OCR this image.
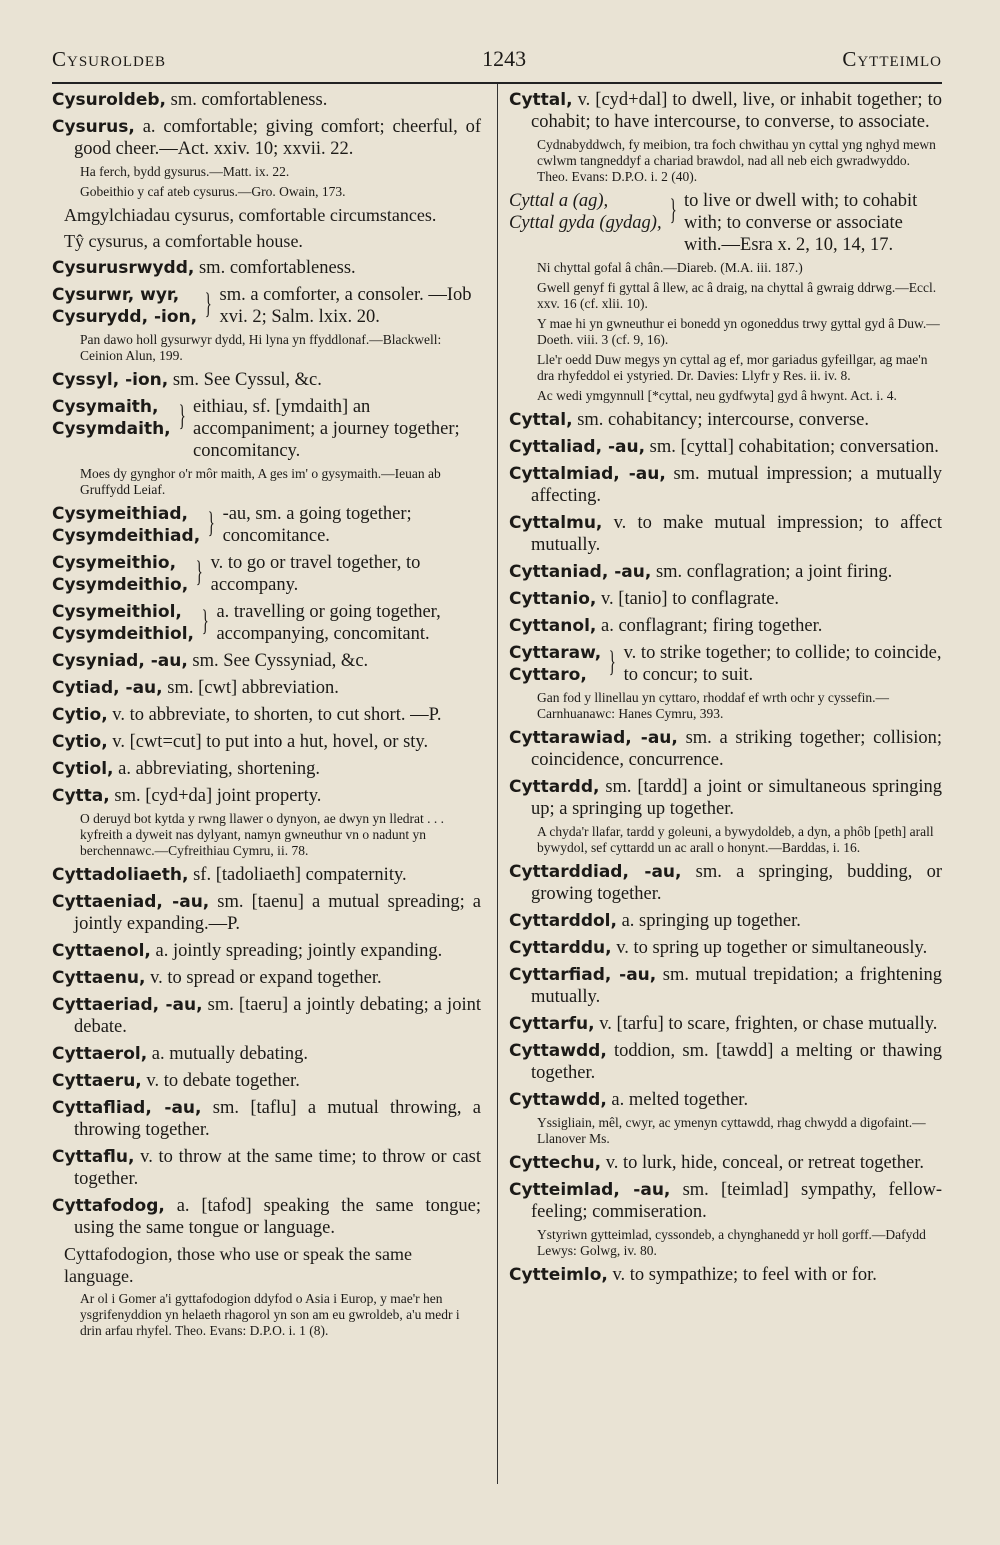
Cysuroldeb	1243	Cytteimlo
Cysuroldeb, sm. comfortableness.
Cysurus, a. comfortable; giving comfort; cheerful, of good cheer.—Act. xxiv. 10; xxvii. 22.
Ha ferch, bydd gysurus.—Matt. ix. 22.
Gobeithio y caf ateb cysurus.—Gro. Owain, 173.
Amgylchiadau cysurus, comfortable circumstances.
Tŷ cysurus, a comfortable house.
Cysurusrwydd, sm. comfortableness.
Cysurwr, wyr,
Cysurydd, -ion, } sm. a comforter, a consoler. —Iob xvi. 2; Salm. lxix. 20.
Pan dawo holl gysurwyr dydd, Hi lyna yn ffyddlonaf.—Blackwell: Ceinion Alun, 199.
Cyssyl, -ion, sm. See Cyssul, &c.
Cysymaith,
Cysymdaith, } eithiau, sf. [ymdaith] an accompaniment; a journey together; concomitancy.
Moes dy gynghor o'r môr maith, A ges im' o gysymaith.—Ieuan ab Gruffydd Leiaf.
Cysymeithiad,
Cysymdeithiad, } -au, sm. a going together; concomitance.
Cysymeithio,
Cysymdeithio, } v. to go or travel together, to accompany.
Cysymeithiol,
Cysymdeithiol, } a. travelling or going together, accompanying, concomitant.
Cysyniad, -au, sm. See Cyssyniad, &c.
Cytiad, -au, sm. [cwt] abbreviation.
Cytio, v. to abbreviate, to shorten, to cut short. —P.
Cytio, v. [cwt=cut] to put into a hut, hovel, or sty.
Cytiol, a. abbreviating, shortening.
Cytta, sm. [cyd+da] joint property.
O deruyd bot kytda y rwng llawer o dynyon, ae dwyn yn lledrat . . . kyfreith a dyweit nas dylyant, namyn gwneuthur vn o nadunt yn berchennawc.—Cyfreithiau Cymru, ii. 78.
Cyttadoliaeth, sf. [tadoliaeth] compaternity.
Cyttaeniad, -au, sm. [taenu] a mutual spreading; a jointly expanding.—P.
Cyttaenol, a. jointly spreading; jointly expanding.
Cyttaenu, v. to spread or expand together.
Cyttaeriad, -au, sm. [taeru] a jointly debating; a joint debate.
Cyttaerol, a. mutually debating.
Cyttaeru, v. to debate together.
Cyttafliad, -au, sm. [taflu] a mutual throwing, a throwing together.
Cyttaflu, v. to throw at the same time; to throw or cast together.
Cyttafodog, a. [tafod] speaking the same tongue; using the same tongue or language.
Cyttafodogion, those who use or speak the same language.
Ar ol i Gomer a'i gyttafodogion ddyfod o Asia i Europ, y mae'r hen ysgrifenyddion yn helaeth rhagorol yn son am eu gwroldeb, a'u medr i drin arfau rhyfel. Theo. Evans: D.P.O. i. 1 (8).
Cyttal, v. [cyd+dal] to dwell, live, or inhabit together; to cohabit; to have intercourse, to converse, to associate.
Cydnabyddwch, fy meibion, tra foch chwithau yn cyttal yng nghyd mewn cwlwm tangneddyf a chariad brawdol, nad all neb eich gwradwyddo. Theo. Evans: D.P.O. i. 2 (40).
Cyttal a (ag),
Cyttal gyda (gydag), } to live or dwell with; to cohabit with; to converse or associate with.—Esra x. 2, 10, 14, 17.
Ni chyttal gofal â chân.—Diareb. (M.A. iii. 187.)
Gwell genyf fi gyttal â llew, ac â draig, na chyttal â gwraig ddrwg.—Eccl. xxv. 16 (cf. xlii. 10).
Y mae hi yn gwneuthur ei bonedd yn ogoneddus trwy gyttal gyd â Duw.—Doeth. viii. 3 (cf. 9, 16).
Lle'r oedd Duw megys yn cyttal ag ef, mor gariadus gyfeillgar, ag mae'n dra rhyfeddol ei ystyried. Dr. Davies: Llyfr y Res. ii. iv. 8.
Ac wedi ymgynnull [*cyttal, neu gydfwyta] gyd â hwynt. Act. i. 4.
Cyttal, sm. cohabitancy; intercourse, converse.
Cyttaliad, -au, sm. [cyttal] cohabitation; conversation.
Cyttalmiad, -au, sm. mutual impression; a mutually affecting.
Cyttalmu, v. to make mutual impression; to affect mutually.
Cyttaniad, -au, sm. conflagration; a joint firing.
Cyttanio, v. [tanio] to conflagrate.
Cyttanol, a. conflagrant; firing together.
Cyttaraw,
Cyttaro, } v. to strike together; to collide; to coincide, to concur; to suit.
Gan fod y llinellau yn cyttaro, rhoddaf ef wrth ochr y cyssefin.—Carnhuanawc: Hanes Cymru, 393.
Cyttarawiad, -au, sm. a striking together; collision; coincidence, concurrence.
Cyttardd, sm. [tardd] a joint or simultaneous springing up; a springing up together.
A chyda'r llafar, tardd y goleuni, a bywydoldeb, a dyn, a phôb [peth] arall bywydol, sef cyttardd un ac arall o honynt.—Barddas, i. 16.
Cyttarddiad, -au, sm. a springing, budding, or growing together.
Cyttarddol, a. springing up together.
Cyttarddu, v. to spring up together or simultaneously.
Cyttarfiad, -au, sm. mutual trepidation; a frightening mutually.
Cyttarfu, v. [tarfu] to scare, frighten, or chase mutually.
Cyttawdd, toddion, sm. [tawdd] a melting or thawing together.
Cyttawdd, a. melted together.
Yssigliain, mêl, cwyr, ac ymenyn cyttawdd, rhag chwydd a digofaint.—Llanover Ms.
Cyttechu, v. to lurk, hide, conceal, or retreat together.
Cytteimlad, -au, sm. [teimlad] sympathy, fellow-feeling; commiseration.
Ystyriwn gytteimlad, cyssondeb, a chynghanedd yr holl gorff.—Dafydd Lewys: Golwg, iv. 80.
Cytteimlo, v. to sympathize; to feel with or for.
